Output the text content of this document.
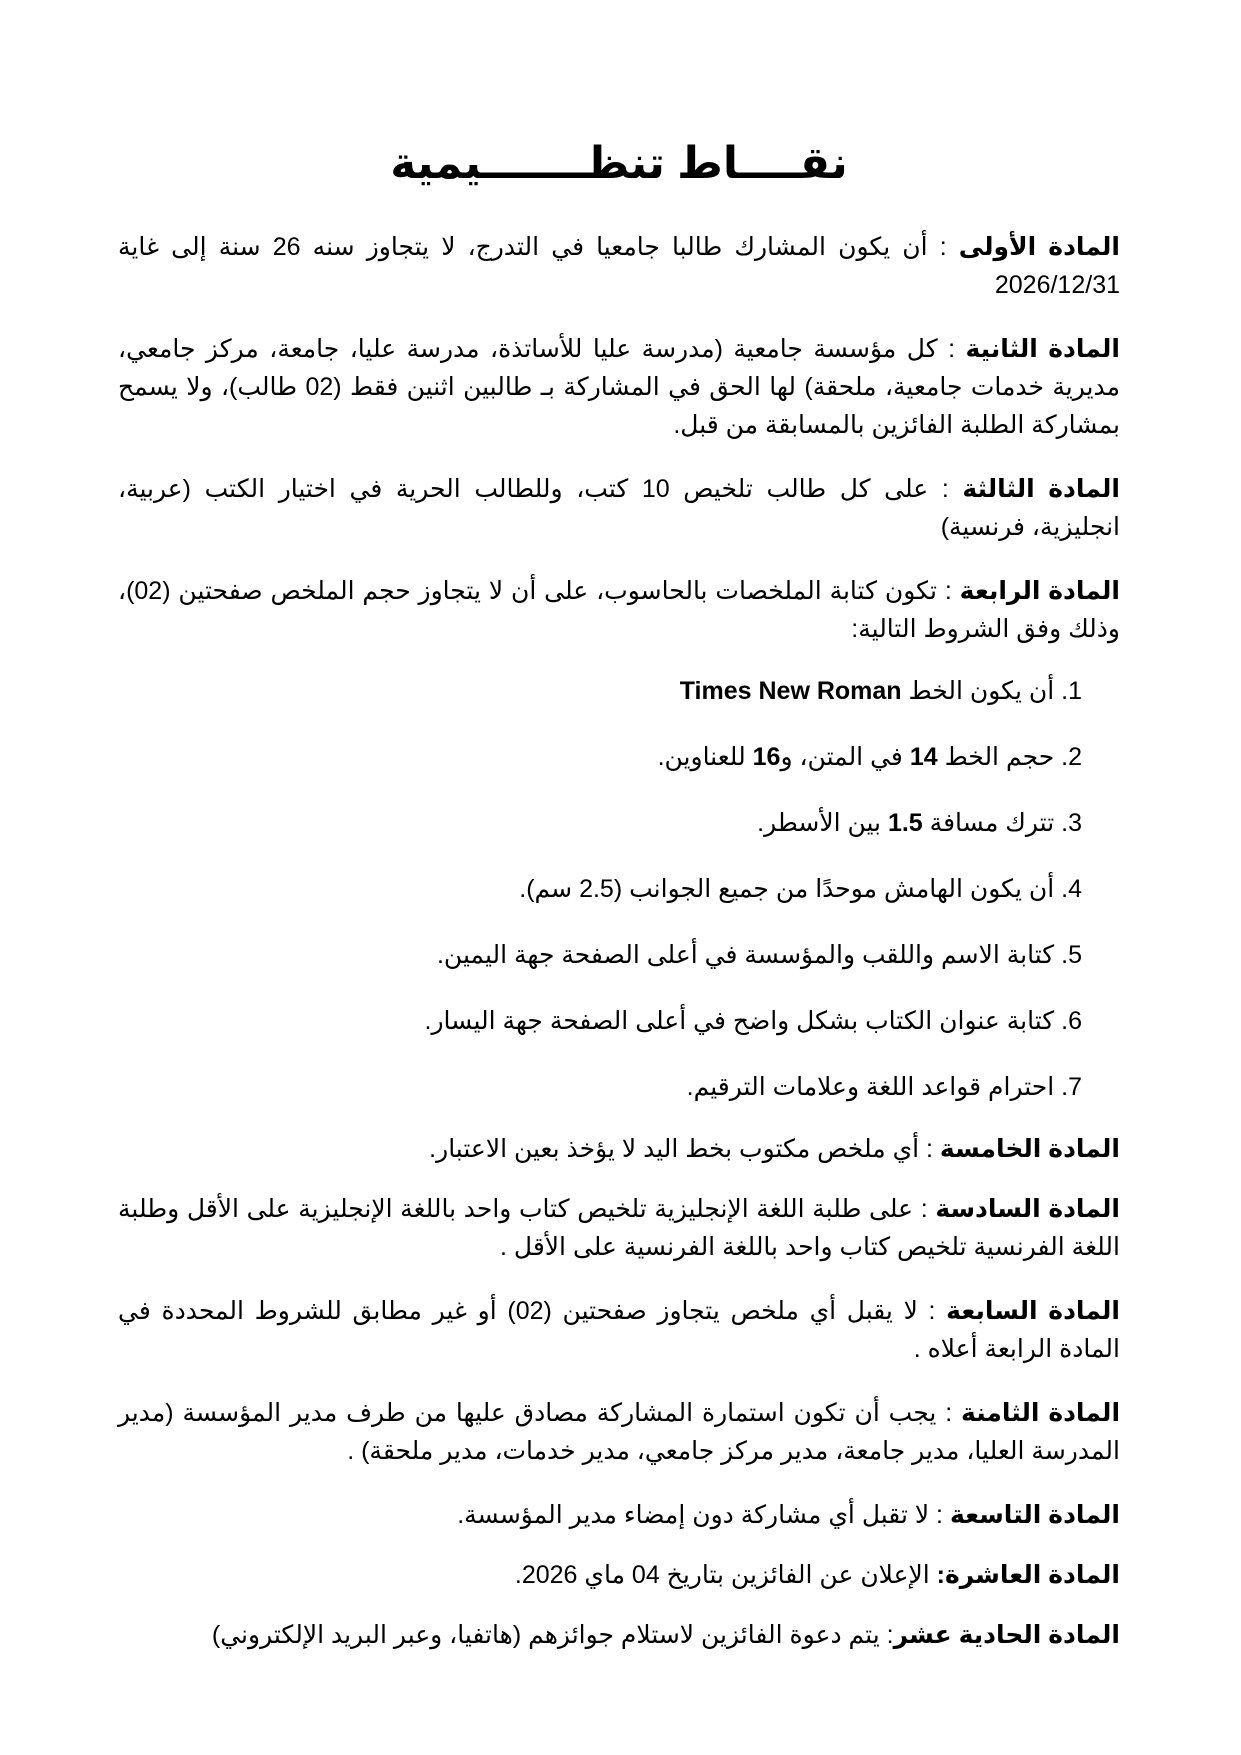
نقــــاط تنظـــــــيمية
المادة الأولى : أن يكون المشارك طالبا جامعيا في التدرج، لا يتجاوز سنه 26 سنة إلى غاية 2026/12/31
المادة الثانية : كل مؤسسة جامعية (مدرسة عليا للأساتذة، مدرسة عليا، جامعة، مركز جامعي، مديرية خدمات جامعية، ملحقة) لها الحق في المشاركة بـ طالبين اثنين فقط (02 طالب)، ولا يسمح بمشاركة الطلبة الفائزين بالمسابقة من قبل.
المادة الثالثة : على كل طالب تلخيص 10 كتب، وللطالب الحرية في اختيار الكتب (عربية، انجليزية، فرنسية)
المادة الرابعة : تكون كتابة الملخصات بالحاسوب، على أن لا يتجاوز حجم الملخص صفحتين (02)، وذلك وفق الشروط التالية:
1. أن يكون الخط Times New Roman
2. حجم الخط 14 في المتن، و16 للعناوين.
3. تترك مسافة 1.5 بين الأسطر.
4. أن يكون الهامش موحدًا من جميع الجوانب (2.5 سم).
5. كتابة الاسم واللقب والمؤسسة في أعلى الصفحة جهة اليمين.
6. كتابة عنوان الكتاب بشكل واضح في أعلى الصفحة جهة اليسار.
7. احترام قواعد اللغة وعلامات الترقيم.
المادة الخامسة : أي ملخص مكتوب بخط اليد لا يؤخذ بعين الاعتبار.
المادة السادسة : على طلبة اللغة الإنجليزية تلخيص كتاب واحد باللغة الإنجليزية على الأقل وطلبة اللغة الفرنسية تلخيص كتاب واحد باللغة الفرنسية على الأقل .
المادة السابعة : لا يقبل أي ملخص يتجاوز صفحتين (02) أو غير مطابق للشروط المحددة في المادة الرابعة أعلاه .
المادة الثامنة : يجب أن تكون استمارة المشاركة مصادق عليها من طرف مدير المؤسسة (مدير المدرسة العليا، مدير جامعة، مدير مركز جامعي، مدير خدمات، مدير ملحقة) .
المادة التاسعة : لا تقبل أي مشاركة دون إمضاء مدير المؤسسة.
المادة العاشرة: الإعلان عن الفائزين بتاريخ 04 ماي 2026.
المادة الحادية عشر: يتم دعوة الفائزين لاستلام جوائزهم (هاتفيا، وعبر البريد الإلكتروني)
